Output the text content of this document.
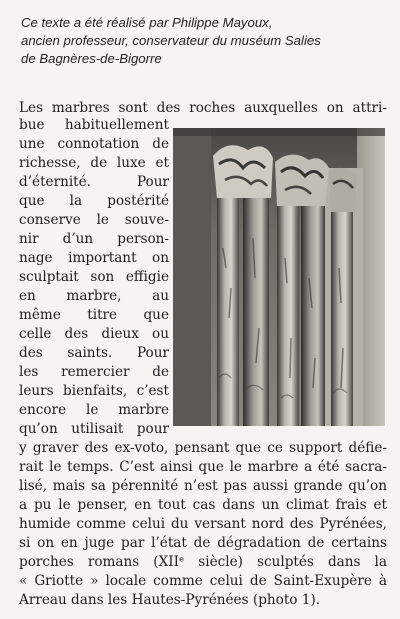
Ce texte a été réalisé par Philippe Mayoux,
ancien professeur, conservateur du muséum Salies
de Bagnères-de-Bigorre
Les marbres sont des roches auxquelles on attri-
bue habituellement
une connotation de
richesse, de luxe et
d’éternité. Pour
que la postérité
conserve le souve-
nir d’un person-
nage important on
sculptait son effigie
en marbre, au
même titre que
celle des dieux ou
des saints. Pour
les remercier de
leurs bienfaits, c’est
encore le marbre
qu’on utilisait pour
y graver des ex-voto, pensant que ce support défie-
rait le temps. C’est ainsi que le marbre a été sacra-
lisé, mais sa pérennité n’est pas aussi grande qu’on
a pu le penser, en tout cas dans un climat frais et
humide comme celui du versant nord des Pyrénées,
si on en juge par l’état de dégradation de certains
porches romans (XIIᵉ siècle) sculptés dans la
« Griotte » locale comme celui de Saint-Exupère à
Arreau dans les Hautes-Pyrénées (photo 1).
